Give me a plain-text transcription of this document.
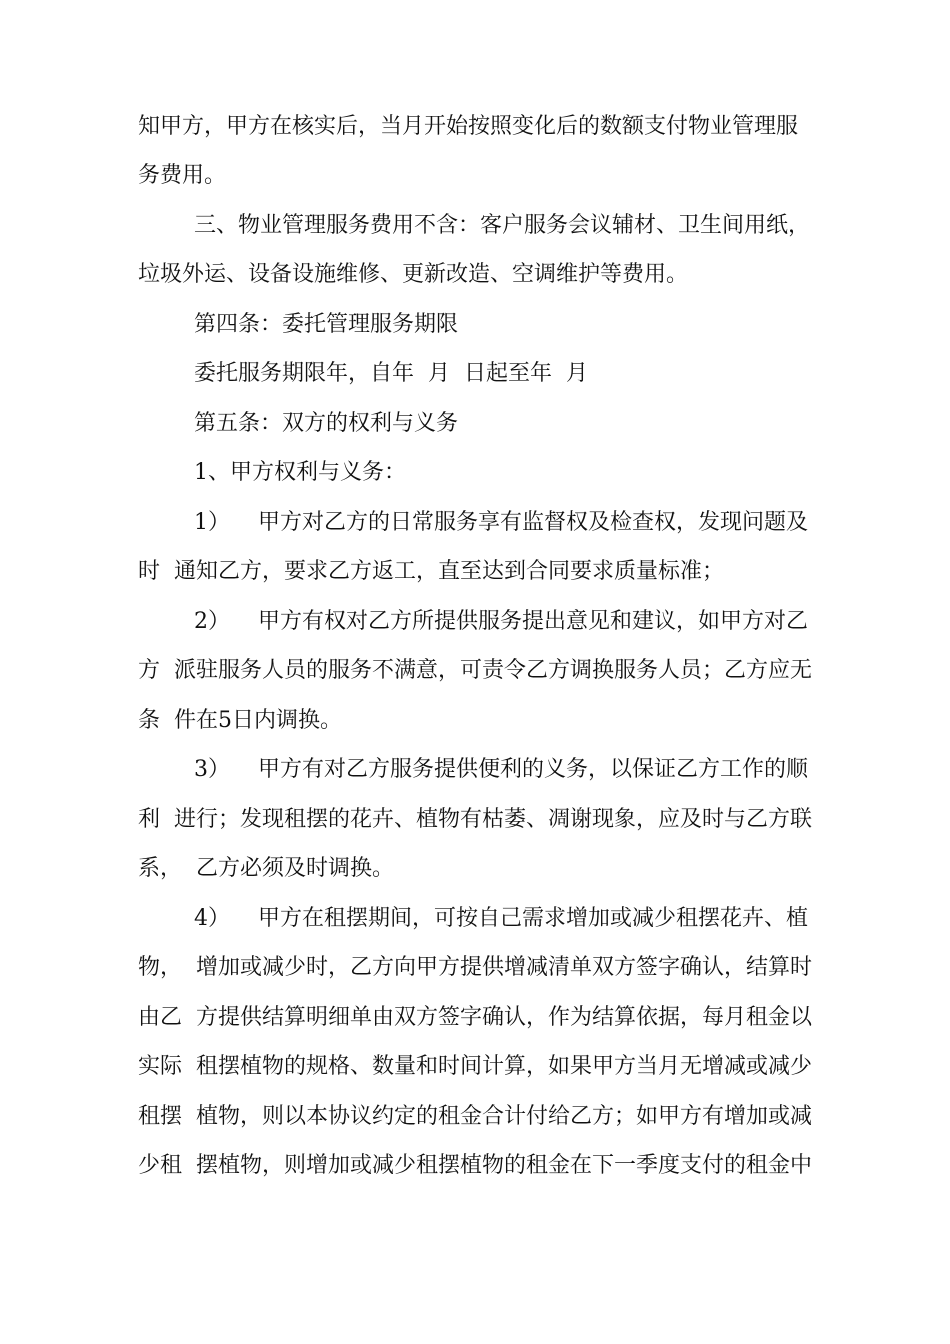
知甲方，甲方在核实后，当月开始按照变化后的数额支付物业管理服
务费用。
三、物业管理服务费用不含：客户服务会议辅材、卫生间用纸，
垃圾外运、设备设施维修、更新改造、空调维护等费用。
第四条：委托管理服务期限
委托服务期限年，自年  月  日起至年  月
第五条：双方的权利与义务
1、甲方权利与义务：
1）    甲方对乙方的日常服务享有监督权及检查权，发现问题及
时  通知乙方，要求乙方返工，直至达到合同要求质量标准；
2）    甲方有权对乙方所提供服务提出意见和建议，如甲方对乙
方  派驻服务人员的服务不满意，可责令乙方调换服务人员；乙方应无
条  件在5日内调换。
3）    甲方有对乙方服务提供便利的义务，以保证乙方工作的顺
利  进行；发现租摆的花卉、植物有枯萎、凋谢现象，应及时与乙方联
系，  乙方必须及时调换。
4）    甲方在租摆期间，可按自己需求增加或减少租摆花卉、植
物，  增加或减少时，乙方向甲方提供增减清单双方签字确认，结算时
由乙  方提供结算明细单由双方签字确认，作为结算依据，每月租金以
实际  租摆植物的规格、数量和时间计算，如果甲方当月无增减或减少
租摆  植物，则以本协议约定的租金合计付给乙方；如甲方有增加或减
少租  摆植物，则增加或减少租摆植物的租金在下一季度支付的租金中
